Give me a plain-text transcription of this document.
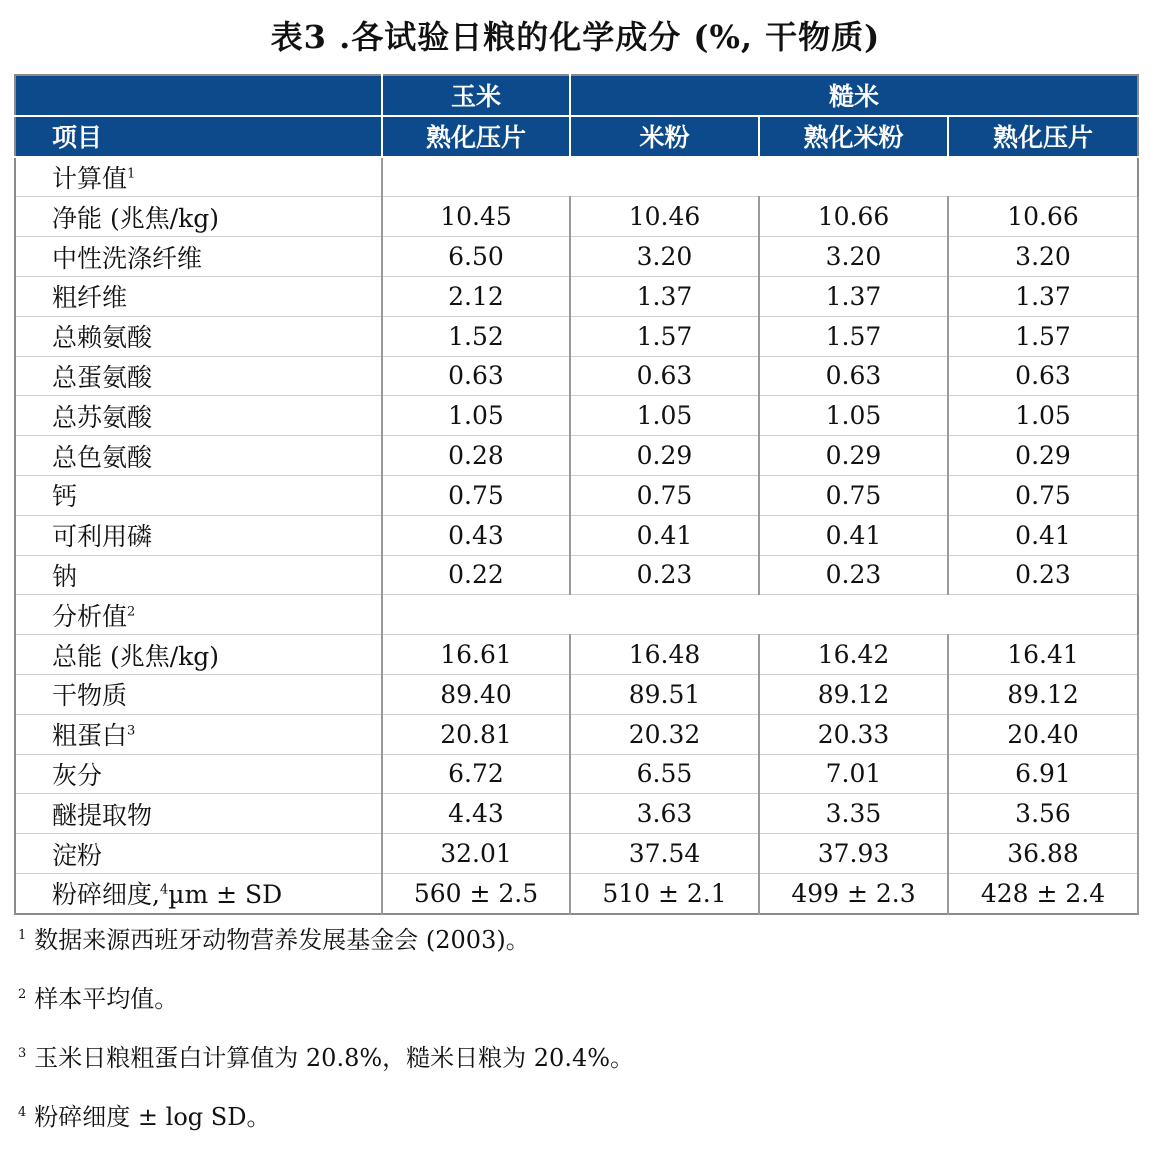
表3 .各试验日粮的化学成分 (%, 干物质)
	玉米	糙米		
项目	熟化压片	米粉	熟化米粉	熟化压片
计算值$^1$	
净能 (兆焦/kg)	10.45	10.46	10.66	10.66
中性洗涤纤维	6.50	3.20	3.20	3.20
粗纤维	2.12	1.37	1.37	1.37
总赖氨酸	1.52	1.57	1.57	1.57
总蛋氨酸	0.63	0.63	0.63	0.63
总苏氨酸	1.05	1.05	1.05	1.05
总色氨酸	0.28	0.29	0.29	0.29
钙	0.75	0.75	0.75	0.75
可利用磷	0.43	0.41	0.41	0.41
钠	0.22	0.23	0.23	0.23
分析值$^2$	
总能 (兆焦/kg)	16.61	16.48	16.42	16.41
干物质	89.40	89.51	89.12	89.12
粗蛋白$^3$	20.81	20.32	20.33	20.40
灰分	6.72	6.55	7.01	6.91
醚提取物	4.43	3.63	3.35	3.56
淀粉	32.01	37.54	37.93	36.88
粉碎细度,$^4$µm ± SD	560 ± 2.5	510 ± 2.1	499 ± 2.3	428 ± 2.4
$^1$ 数据来源西班牙动物营养发展基金会 (2003)。
$^2$ 样本平均值。
$^3$ 玉米日粮粗蛋白计算值为 20.8%，糙米日粮为 20.4%。
$^4$ 粉碎细度 ± log SD。
